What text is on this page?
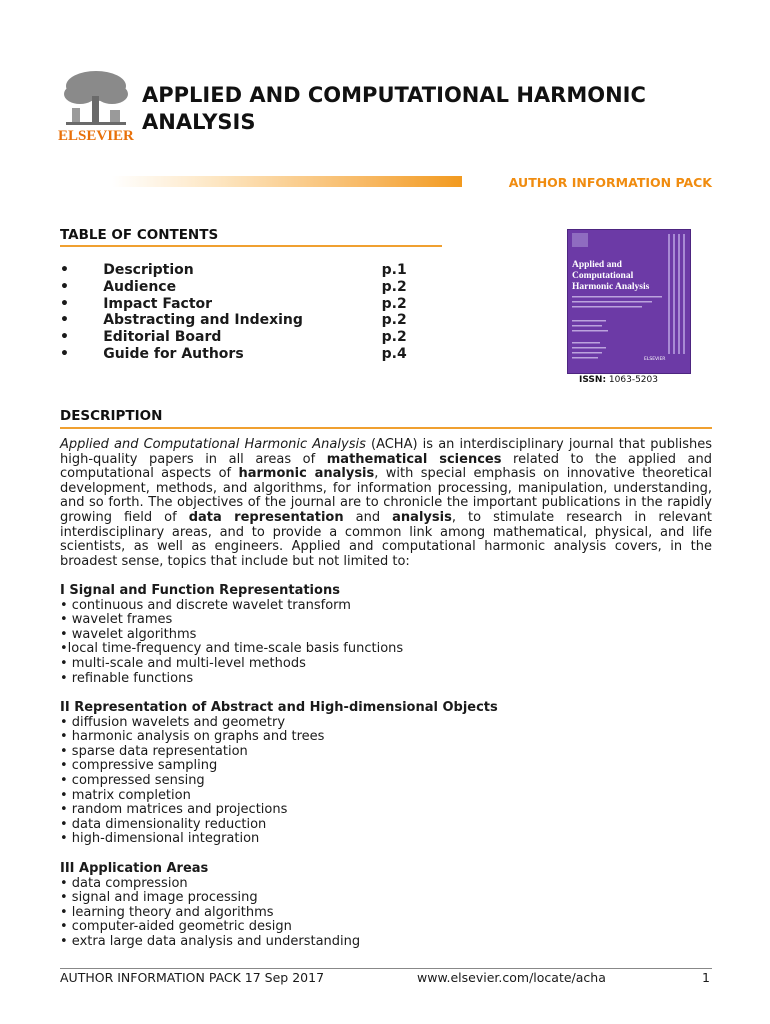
ELSEVIER
APPLIED AND COMPUTATIONAL HARMONIC
ANALYSIS
AUTHOR INFORMATION PACK
TABLE OF CONTENTS
•	Description	p.1
•	Audience	p.2
•	Impact Factor	p.2
•	Abstracting and Indexing	p.2
•	Editorial Board	p.2
•	Guide for Authors	p.4
Applied and
Computational
Harmonic Analysis
ELSEVIER
ISSN: 1063-5203
DESCRIPTION

Applied and Computational Harmonic Analysis (ACHA) is an interdisciplinary journal that publishes high-quality papers in all areas of mathematical sciences related to the applied and computational aspects of harmonic analysis, with special emphasis on innovative theoretical development, methods, and algorithms, for information processing, manipulation, understanding, and so forth. The objectives of the journal are to chronicle the important publications in the rapidly growing field of data representation and analysis, to stimulate research in relevant interdisciplinary areas, and to provide a common link among mathematical, physical, and life scientists, as well as engineers. Applied and computational harmonic analysis covers, in the broadest sense, topics that include but not limited to:

I Signal and Function Representations

• continuous and discrete wavelet transform

• wavelet frames

• wavelet algorithms

•local time-frequency and time-scale basis functions

• multi-scale and multi-level methods

• refinable functions

II Representation of Abstract and High-dimensional Objects

• diffusion wavelets and geometry

• harmonic analysis on graphs and trees

• sparse data representation

• compressive sampling

• compressed sensing

• matrix completion

• random matrices and projections

• data dimensionality reduction

• high-dimensional integration

III Application Areas

• data compression

• signal and image processing

• learning theory and algorithms

• computer-aided geometric design

• extra large data analysis and understanding

AUTHOR INFORMATION PACK 17 Sep 2017	www.elsevier.com/locate/acha	1
